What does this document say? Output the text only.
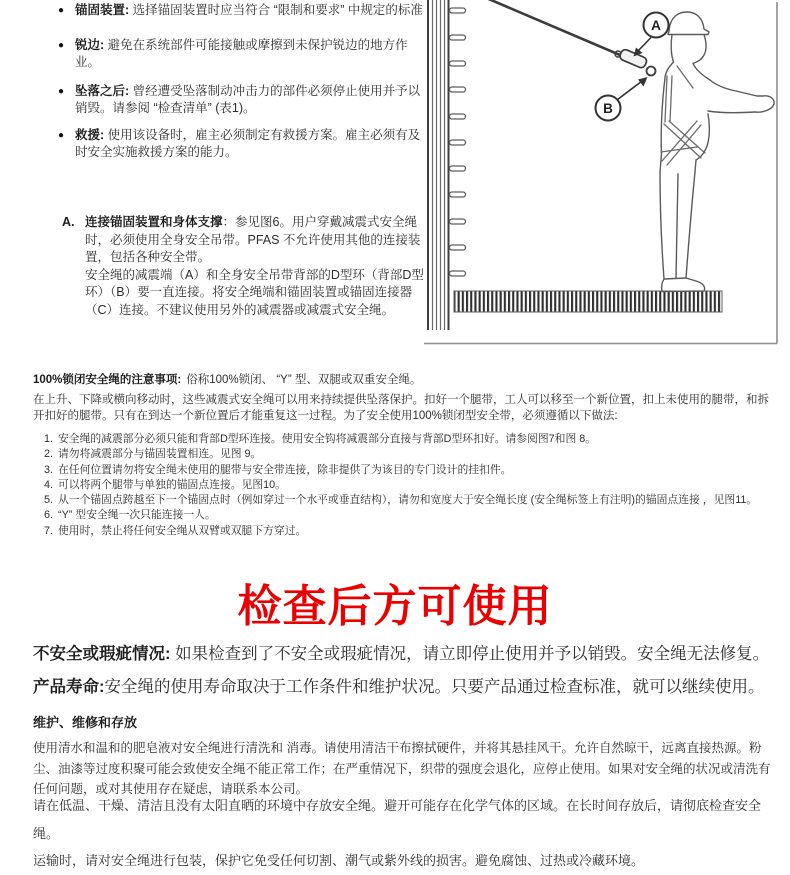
● 锚固装置: 选择锚固装置时应当符合 “限制和要求” 中规定的标准
● 锐边: 避免在系统部件可能接触或摩擦到未保护锐边的地方作业。
● 坠落之后: 曾经遭受坠落制动冲击力的部件必须停止使用并予以销毁。请参阅 “检查清单” (表1)。
● 救援: 使用该设备时，雇主必须制定有救援方案。雇主必须有及时安全实施救援方案的能力。
A. 连接锚固装置和身体支撑：参见图6。用户穿戴减震式安全绳时，必须使用全身安全吊带。PFAS 不允许使用其他的连接装置，包括各种安全带。
安全绳的减震端（A）和全身安全吊带背部的D型环（背部D型环）（B）要一直连接。将安全绳端和锚固装置或锚固连接器（C）连接。不建议使用另外的减震器或减震式安全绳。
A
B
100%锁闭安全绳的注意事项: 俗称100%锁闭、 “Y” 型、双腿或双重安全绳。
在上升、下降或横向移动时，这些减震式安全绳可以用来持续提供坠落保护。扣好一个腿带，工人可以移至一个新位置，扣上未使用的腿带，和拆开扣好的腿带。只有在到达一个新位置后才能重复这一过程。为了安全使用100%锁闭型安全带，必须遵循以下做法:
1. 安全绳的减震部分必须只能和背部D型环连接。使用安全钩将减震部分直接与背部D型环扣好。请参阅图7和图 8。
2. 请勿将减震部分与锚固装置相连。见图 9。
3. 在任何位置请勿将安全绳未使用的腿带与安全带连接，除非提供了为该目的专门设计的挂扣件。
4. 可以将两个腿带与单独的锚固点连接。见图10。
5. 从一个锚固点跨越至下一个锚固点时（例如穿过一个水平或垂直结构），请勿和宽度大于安全绳长度 (安全绳标签上有注明)的锚固点连接 ，见图11。
6. “Y” 型安全绳一次只能连接一人。
7. 使用时，禁止将任何安全绳从双臂或双腿下方穿过。
检查后方可使用
不安全或瑕疵情况: 如果检查到了不安全或瑕疵情况，请立即停止使用并予以销毁。安全绳无法修复。
产品寿命:安全绳的使用寿命取决于工作条件和维护状况。只要产品通过检查标准，就可以继续使用。
维护、维修和存放
使用清水和温和的肥皂液对安全绳进行清洗和 消毒。请使用清洁干布擦拭硬件，并将其悬挂风干。允许自然晾干，远离直接热源。粉尘、油漆等过度积聚可能会致使安全绳不能正常工作；在严重情况下，织带的强度会退化，应停止使用。如果对安全绳的状况或清洗有任何问题，或对其使用存在疑虑，请联系本公司。

请在低温、干燥、清洁且没有太阳直晒的环境中存放安全绳。避开可能存在化学气体的区域。在长时间存放后，请彻底检查安全绳。

运输时，请对安全绳进行包装，保护它免受任何切割、潮气或紫外线的损害。避免腐蚀、过热或冷藏环境。
